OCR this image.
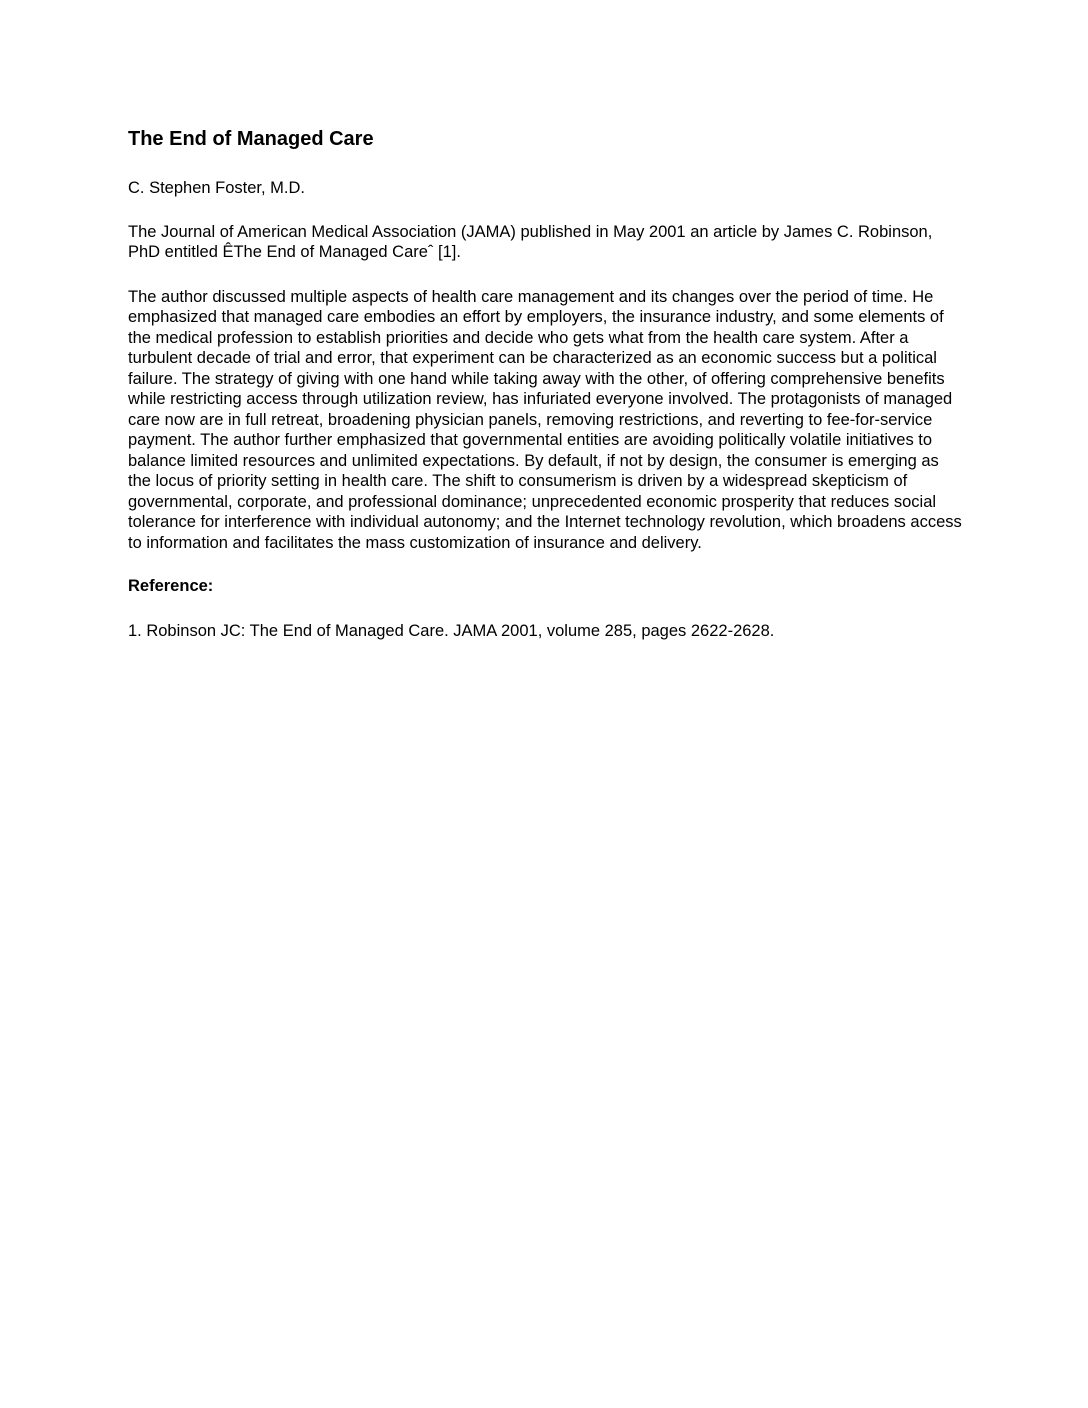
The End of Managed Care

C. Stephen Foster, M.D.

The Journal of American Medical Association (JAMA) published in May 2001 an article by James C. Robinson, PhD entitled ÊThe End of Managed Careˆ [1].

The author discussed multiple aspects of health care management and its changes over the period of time. He emphasized that managed care embodies an effort by employers, the insurance industry, and some elements of the medical profession to establish priorities and decide who gets what from the health care system. After a turbulent decade of trial and error, that experiment can be characterized as an economic success but a political failure. The strategy of giving with one hand while taking away with the other, of offering comprehensive benefits while restricting access through utilization review, has infuriated everyone involved. The protagonists of managed care now are in full retreat, broadening physician panels, removing restrictions, and reverting to fee-for-service payment. The author further emphasized that governmental entities are avoiding politically volatile initiatives to balance limited resources and unlimited expectations. By default, if not by design, the consumer is emerging as the locus of priority setting in health care. The shift to consumerism is driven by a widespread skepticism of governmental, corporate, and professional dominance; unprecedented economic prosperity that reduces social tolerance for interference with individual autonomy; and the Internet technology revolution, which broadens access to information and facilitates the mass customization of insurance and delivery.

Reference:

1. Robinson JC: The End of Managed Care. JAMA 2001, volume 285, pages 2622-2628.
